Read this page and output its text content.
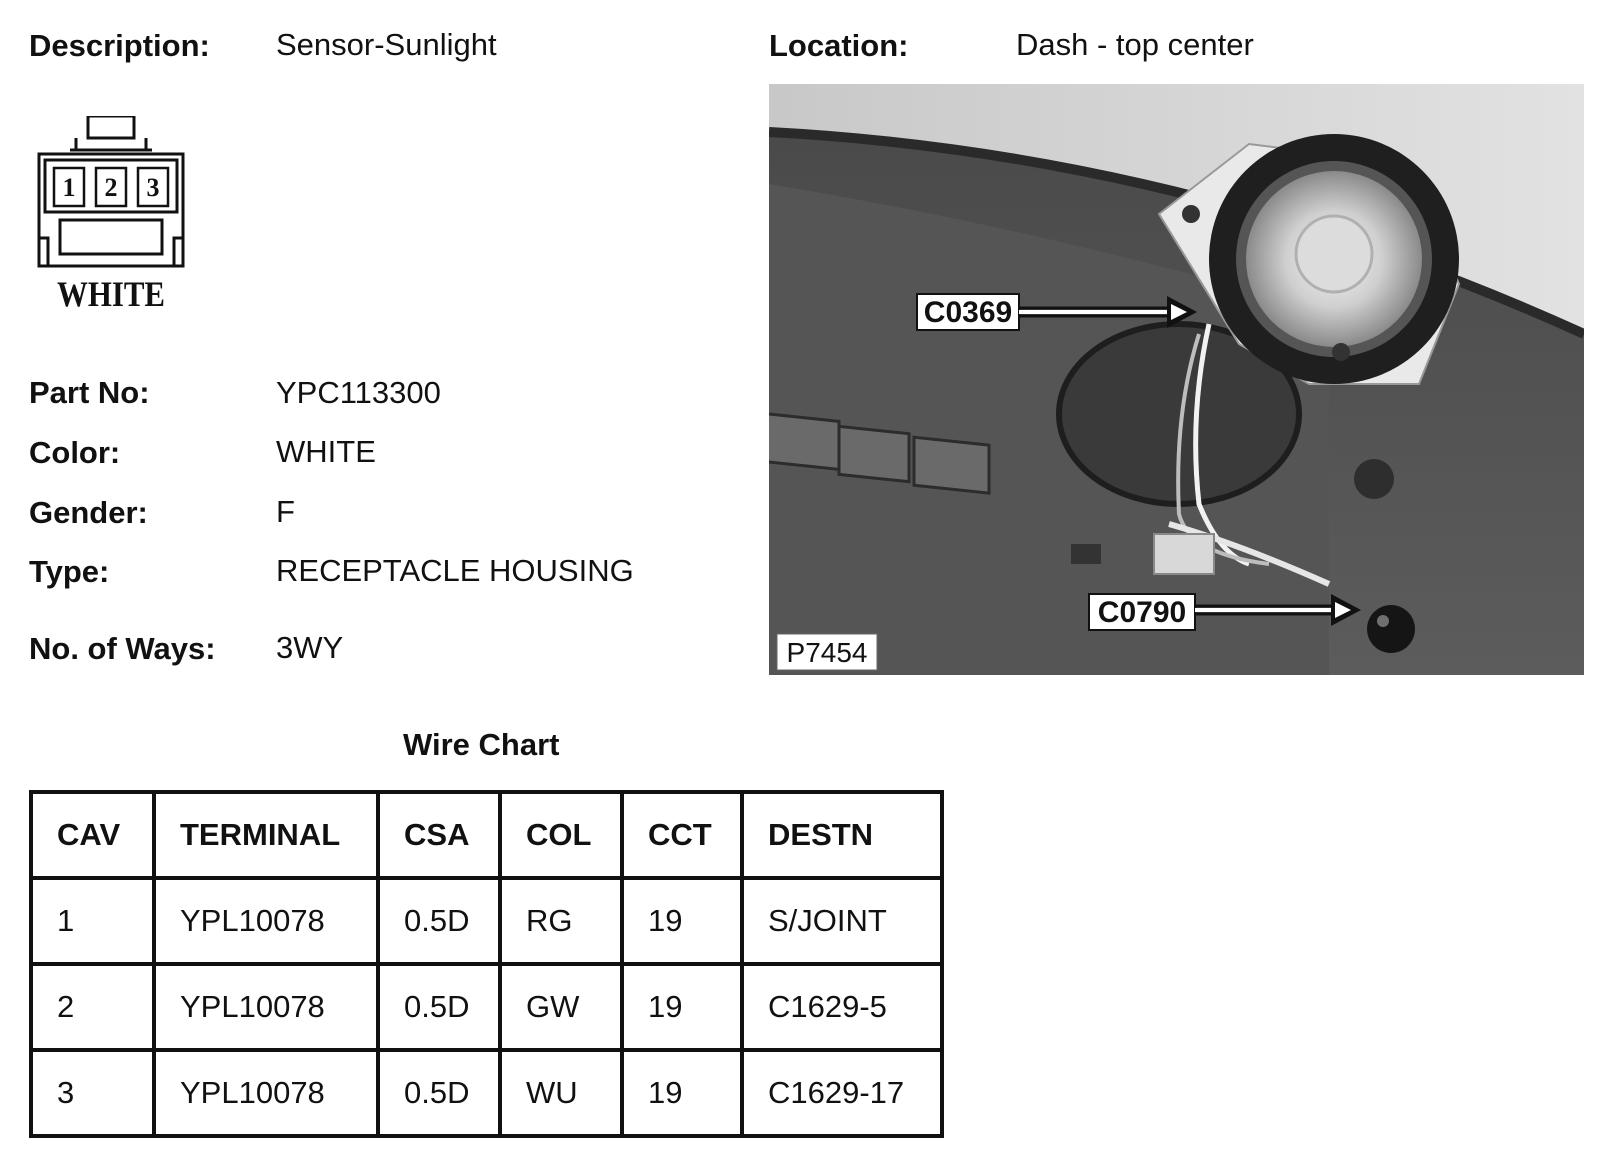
Description: Sensor-Sunlight	Location:	Dash - top center
1 2 3
WHITE
Part No:	YPC113300
Color:	WHITE
Gender:	F
Type:	RECEPTACLE HOUSING
No. of Ways: 3WY
C0369
C0790
P7454
Wire Chart
CAV	TERMINAL	CSA	COL	CCT	DESTN
1	YPL10078	0.5D	RG	19	S/JOINT
2	YPL10078	0.5D	GW	19	C1629-5
3	YPL10078	0.5D	WU	19	C1629-17
